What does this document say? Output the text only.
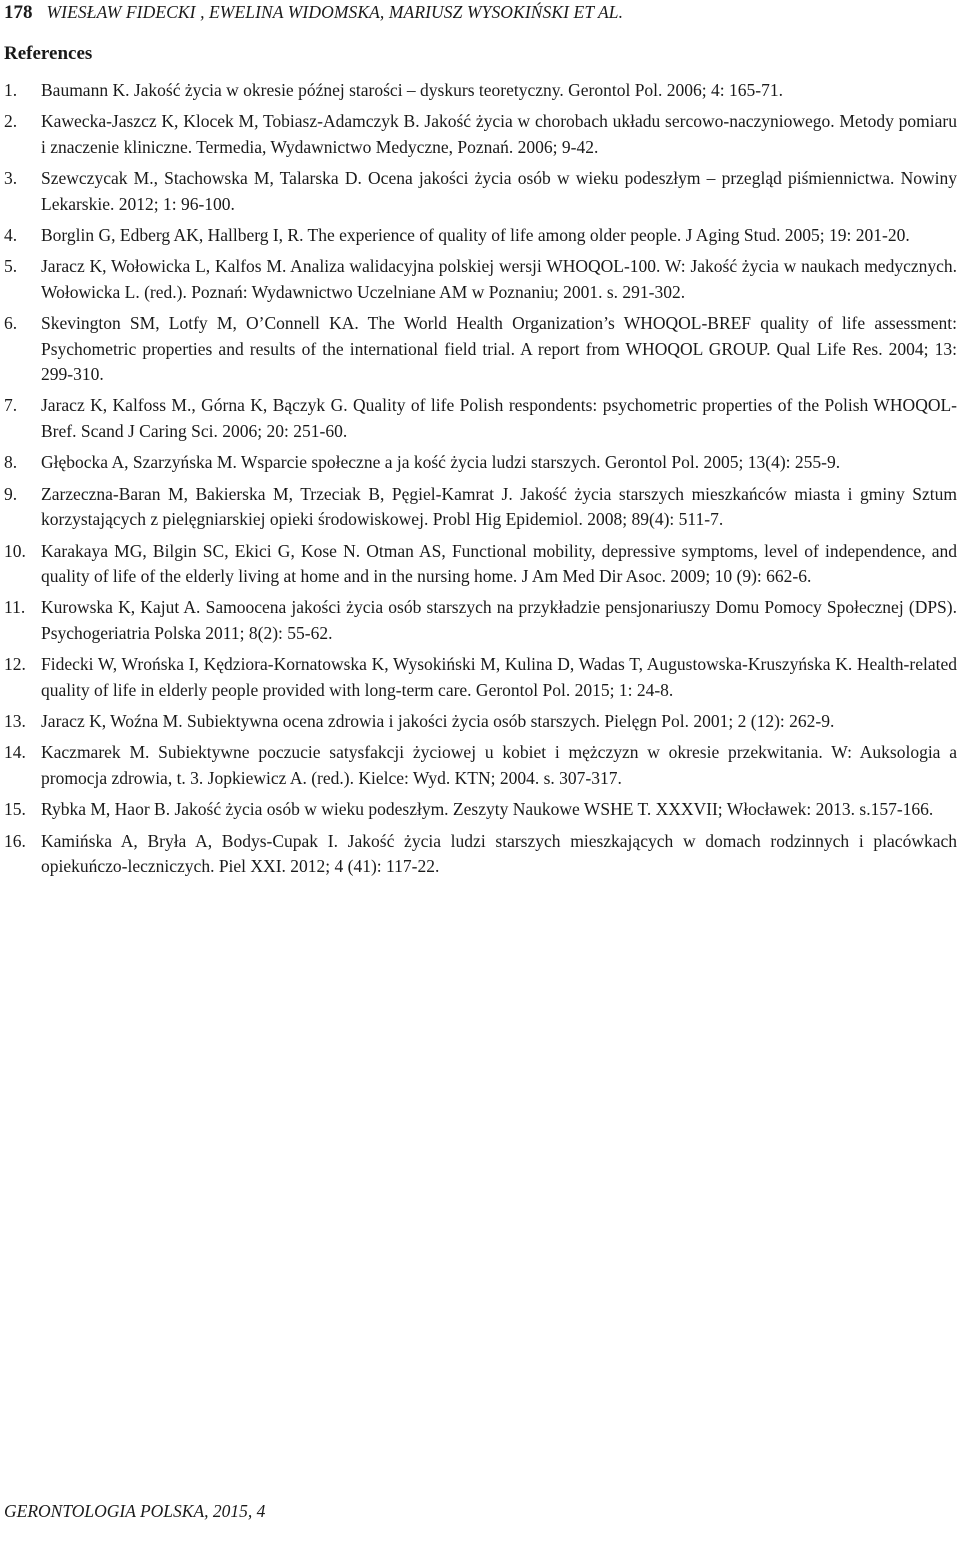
178 WIESŁAW FIDECKI , EWELINA WIDOMSKA, MARIUSZ WYSOKIŃSKI ET AL.
References
1. Baumann K. Jakość życia w okresie późnej starości – dyskurs teoretyczny. Gerontol Pol. 2006; 4: 165-71.
2. Kawecka-Jaszcz K, Klocek M, Tobiasz-Adamczyk B. Jakość życia w chorobach układu sercowo-naczyniowego. Metody pomiaru i znaczenie kliniczne. Termedia, Wydawnictwo Medyczne, Poznań. 2006; 9-42.
3. Szewczycak M., Stachowska M, Talarska D. Ocena jakości życia osób w wieku podeszłym – przegląd piśmiennictwa. Nowiny Lekarskie. 2012; 1: 96-100.
4. Borglin G, Edberg AK, Hallberg I, R. The experience of quality of life among older people. J Aging Stud. 2005; 19: 201-20.
5. Jaracz K, Wołowicka L, Kalfos M. Analiza walidacyjna polskiej wersji WHOQOL-100. W: Jakość życia w naukach medycznych. Wołowicka L. (red.). Poznań: Wydawnictwo Uczelniane AM w Poznaniu; 2001. s. 291-302.
6. Skevington SM, Lotfy M, O’Connell KA. The World Health Organization’s WHOQOL-BREF quality of life assessment: Psychometric properties and results of the international field trial. A report from WHOQOL GROUP. Qual Life Res. 2004; 13: 299-310.
7. Jaracz K, Kalfoss M., Górna K, Bączyk G. Quality of life Polish respondents: psychometric properties of the Polish WHOQOL-Bref. Scand J Caring Sci. 2006; 20: 251-60.
8. Głębocka A, Szarzyńska M. Wsparcie społeczne a ja kość życia ludzi starszych. Gerontol Pol. 2005; 13(4): 255-9.
9. Zarzeczna-Baran M, Bakierska M, Trzeciak B, Pęgiel-Kamrat J. Jakość życia starszych mieszkańców miasta i gminy Sztum korzystających z pielęgniarskiej opieki środowiskowej. Probl Hig Epidemiol. 2008; 89(4): 511-7.
10. Karakaya MG, Bilgin SC, Ekici G, Kose N. Otman AS, Functional mobility, depressive symptoms, level of independence, and quality of life of the elderly living at home and in the nursing home. J Am Med Dir Asoc. 2009; 10 (9): 662-6.
11. Kurowska K, Kajut A. Samoocena jakości życia osób starszych na przykładzie pensjonariuszy Domu Pomocy Społecznej (DPS). Psychogeriatria Polska 2011; 8(2): 55-62.
12. Fidecki W, Wrońska I, Kędziora-Kornatowska K, Wysokiński M, Kulina D, Wadas T, Augustowska-Kruszyńska K. Health-related quality of life in elderly people provided with long-term care. Gerontol Pol. 2015; 1: 24-8.
13. Jaracz K, Woźna M. Subiektywna ocena zdrowia i jakości życia osób starszych. Pielęgn Pol. 2001; 2 (12): 262-9.
14. Kaczmarek M. Subiektywne poczucie satysfakcji życiowej u kobiet i mężczyzn w okresie przekwitania. W: Auksologia a promocja zdrowia, t. 3. Jopkiewicz A. (red.). Kielce: Wyd. KTN; 2004. s. 307-317.
15. Rybka M, Haor B. Jakość życia osób w wieku podeszłym. Zeszyty Naukowe WSHE T. XXXVII; Włocławek: 2013. s.157-166.
16. Kamińska A, Bryła A, Bodys-Cupak I. Jakość życia ludzi starszych mieszkających w domach rodzinnych i placówkach opiekuńczo-leczniczych. Piel XXI. 2012; 4 (41): 117-22.
GERONTOLOGIA POLSKA, 2015, 4
